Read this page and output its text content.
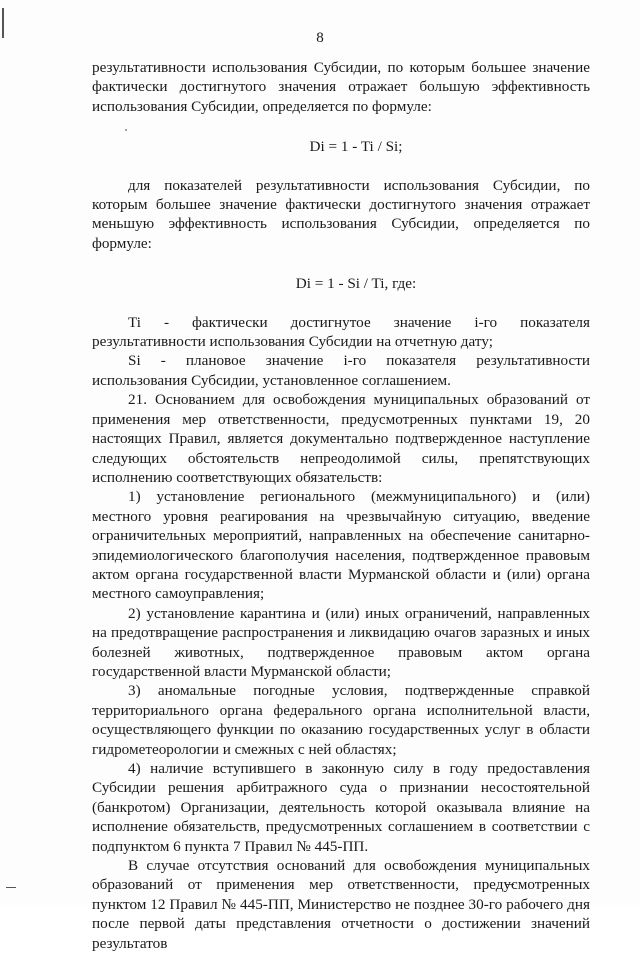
8

результативности использования Субсидии, по которым большее значение фактически достигнутого значения отражает большую эффективность использования Субсидии, определяется по формуле:

Di = 1 - Ti / Si;

для показателей результативности использования Субсидии, по которым большее значение фактически достигнутого значения отражает меньшую эффективность использования Субсидии, определяется по формуле:

Di = 1 - Si / Ti, где:

Ti - фактически достигнутое значение i-го показателя результативности использования Субсидии на отчетную дату;

Si - плановое значение i-го показателя результативности использования Субсидии, установленное соглашением.

21. Основанием для освобождения муниципальных образований от применения мер ответственности, предусмотренных пунктами 19, 20 настоящих Правил, является документально подтвержденное наступление следующих обстоятельств непреодолимой силы, препятствующих исполнению соответствующих обязательств:

1) установление регионального (межмуниципального) и (или) местного уровня реагирования на чрезвычайную ситуацию, введение ограничительных мероприятий, направленных на обеспечение санитарно-эпидемиологического благополучия населения, подтвержденное правовым актом органа государственной власти Мурманской области и (или) органа местного самоуправления;

2) установление карантина и (или) иных ограничений, направленных на предотвращение распространения и ликвидацию очагов заразных и иных болезней животных, подтвержденное правовым актом органа государственной власти Мурманской области;

3) аномальные погодные условия, подтвержденные справкой территориального органа федерального органа исполнительной власти, осуществляющего функции по оказанию государственных услуг в области гидрометеорологии и смежных с ней областях;

4) наличие вступившего в законную силу в году предоставления Субсидии решения арбитражного суда о признании несостоятельной (банкротом) Организации, деятельность которой оказывала влияние на исполнение обязательств, предусмотренных соглашением в соответствии с подпунктом 6 пункта 7 Правил № 445-ПП.

В случае отсутствия оснований для освобождения муниципальных образований от применения мер ответственности, предусмотренных пунктом 12 Правил № 445-ПП, Министерство не позднее 30-го рабочего дня после первой даты представления отчетности о достижении значений результатов
